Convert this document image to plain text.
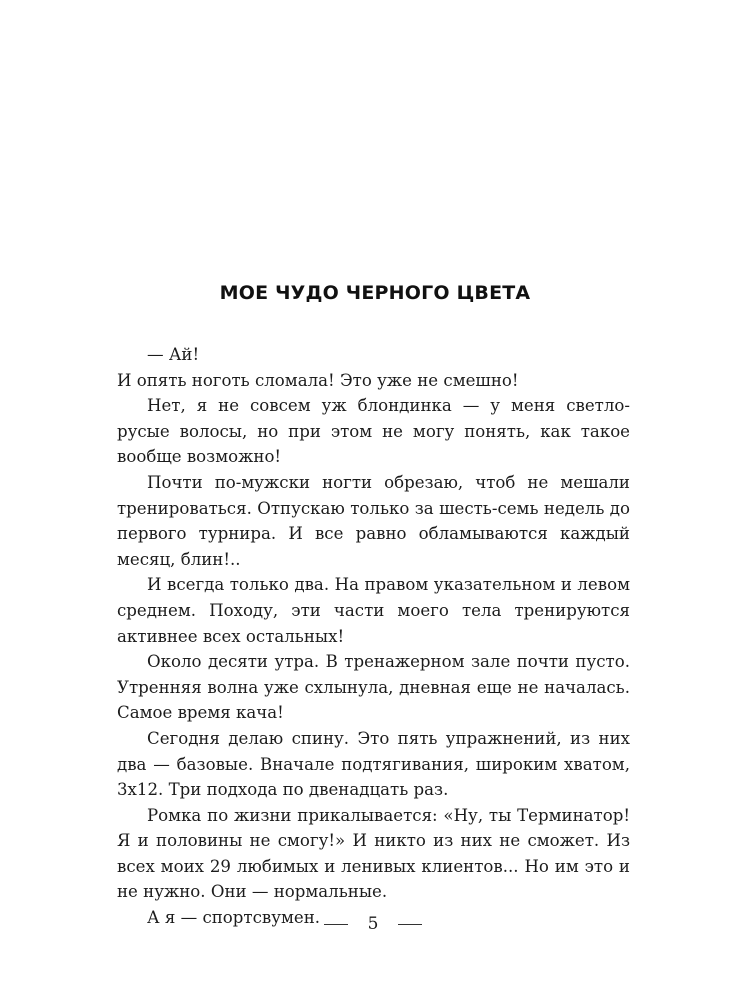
МОЕ ЧУДО ЧЕРНОГО ЦВЕТА

— Ай!

И опять ноготь сломала! Это уже не смешно!

Нет, я не совсем уж блондинка — у меня светло-русые волосы, но при этом не могу понять, как такое вообще возможно!

Почти по-мужски ногти обрезаю, чтоб не мешали тренироваться. Отпускаю только за шесть-семь недель до первого турнира. И все равно обламываются каждый месяц, блин!..

И всегда только два. На правом указательном и левом среднем. Походу, эти части моего тела тренируются активнее всех остальных!

Около десяти утра. В тренажерном зале почти пусто. Утренняя волна уже схлынула, дневная еще не началась. Самое время кача!

Сегодня делаю спину. Это пять упражнений, из них два — базовые. Вначале подтягивания, широким хватом, 3х12. Три подхода по двенадцать раз.

Ромка по жизни прикалывается: «Ну, ты Терминатор! Я и половины не смогу!» И никто из них не сможет. Из всех моих 29 любимых и ленивых клиентов... Но им это и не нужно. Они — нормальные.

А я — спортсвумен.	5
